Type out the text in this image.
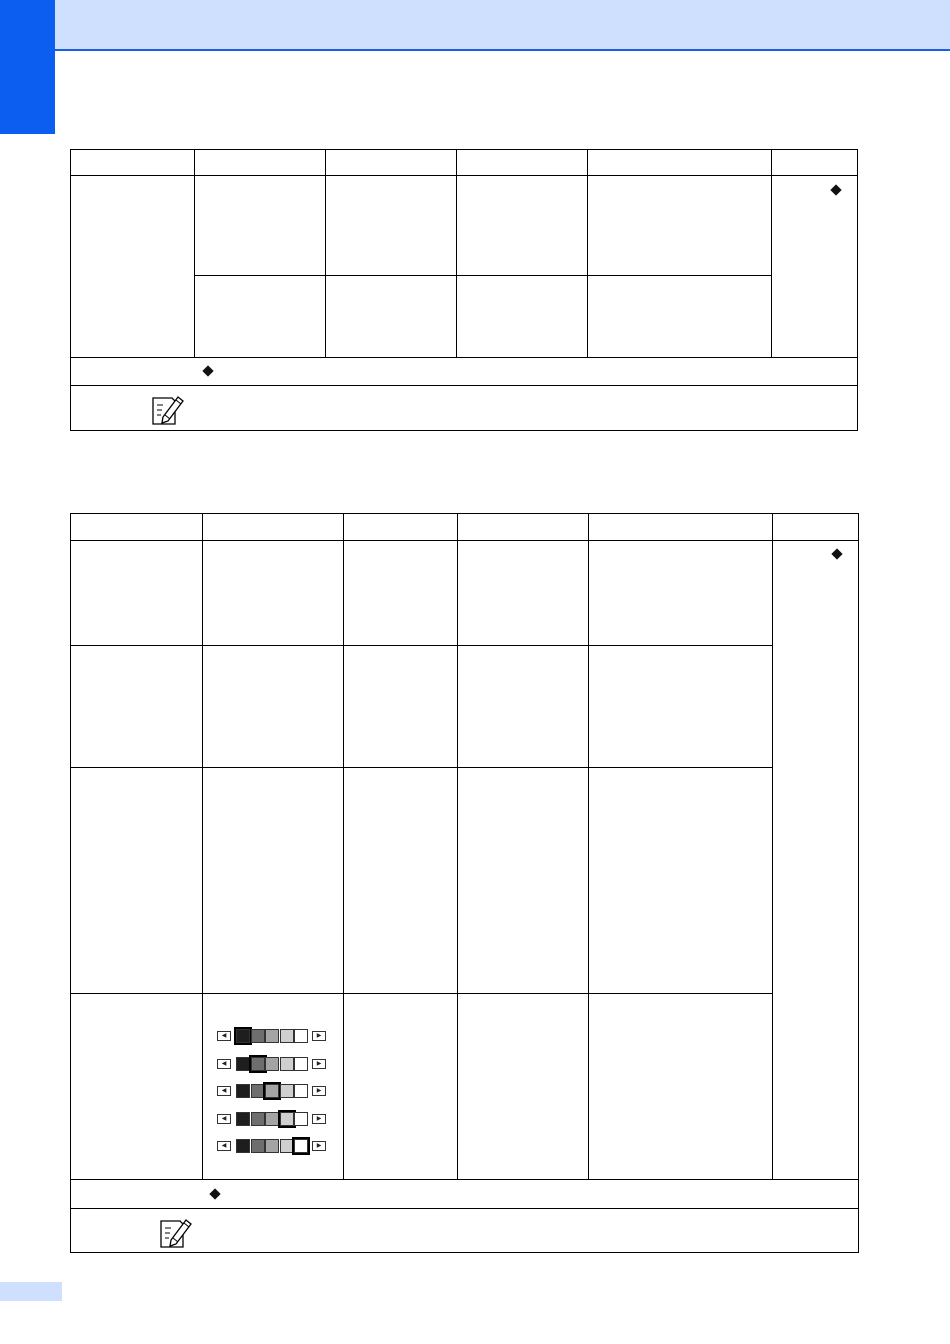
◀	▶
◀	▶
◀	▶
◀	▶
◀	▶
